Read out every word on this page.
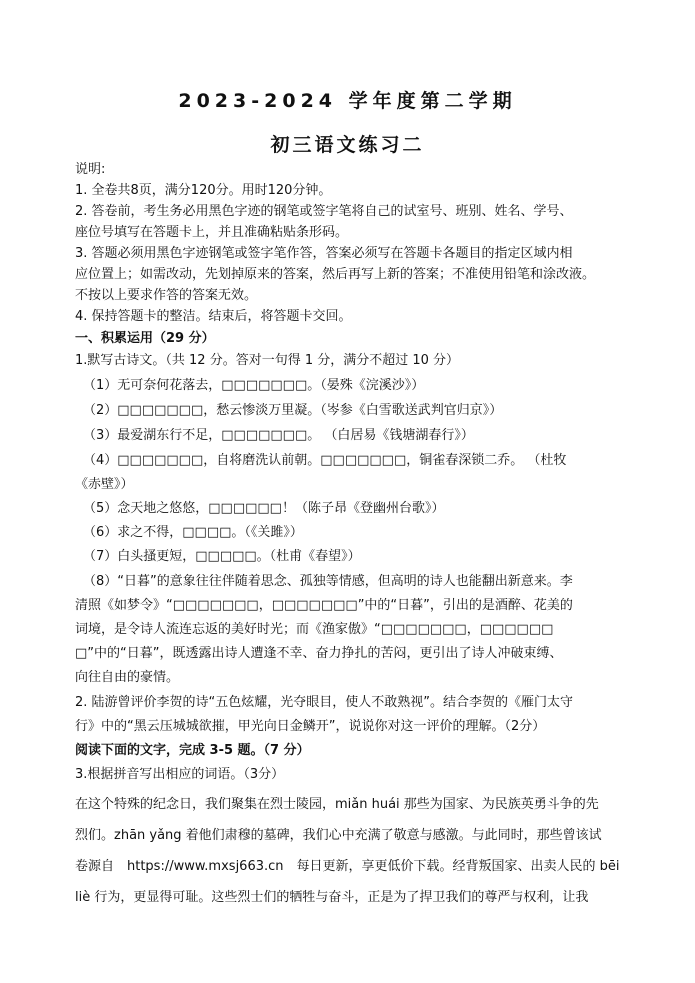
2023-2024 学年度第二学期
初三语文练习二
说明:
1. 全卷共8页，满分120分。用时120分钟。
2. 答卷前，考生务必用黑色字迹的钢笔或签字笔将自己的试室号、班别、姓名、学号、
座位号填写在答题卡上，并且准确粘贴条形码。
3. 答题必须用黑色字迹钢笔或签字笔作答，答案必须写在答题卡各题目的指定区域内相
应位置上；如需改动，先划掉原来的答案，然后再写上新的答案；不准使用铅笔和涂改液。
不按以上要求作答的答案无效。
4. 保持答题卡的整洁。结束后，将答题卡交回。
一、积累运用（29 分）
1.默写古诗文。（共 12 分。答对一句得 1 分，满分不超过 10 分）
（1）无可奈何花落去，□□□□□□□。（晏殊《浣溪沙》）
（2）□□□□□□□，愁云惨淡万里凝。（岑参《白雪歌送武判官归京》）
（3）最爱湖东行不足，□□□□□□□。 （白居易《钱塘湖春行》）
（4）□□□□□□□，自将磨洗认前朝。□□□□□□□，铜雀春深锁二乔。 （杜牧
《赤壁》）
（5）念天地之悠悠，□□□□□□！（陈子昂《登幽州台歌》）
（6）求之不得，□□□□。（《关雎》）
（7）白头搔更短，□□□□□。（杜甫《春望》）
（8）“日暮”的意象往往伴随着思念、孤独等情感，但高明的诗人也能翻出新意来。李
清照《如梦令》“□□□□□□□，□□□□□□□”中的“日暮”，引出的是酒醉、花美的
词境，是令诗人流连忘返的美好时光；而《渔家傲》“□□□□□□□，□□□□□□
□”中的“日暮”，既透露出诗人遭逢不幸、奋力挣扎的苦闷，更引出了诗人冲破束缚、
向往自由的豪情。
2. 陆游曾评价李贺的诗“五色炫耀，光夺眼目，使人不敢熟视”。结合李贺的《雁门太守
行》中的“黑云压城城欲摧，甲光向日金鳞开”，说说你对这一评价的理解。（2分）
阅读下面的文字，完成 3-5 题。（7 分）
3.根据拼音写出相应的词语。（3分）
在这个特殊的纪念日，我们聚集在烈士陵园，miǎn huái 那些为国家、为民族英勇斗争的先
烈们。zhān yǎng 着他们肃穆的墓碑，我们心中充满了敬意与感激。与此同时，那些曾该试
卷源自　https://www.mxsj663.cn　每日更新，享更低价下载。经背叛国家、出卖人民的 bēi
liè 行为，更显得可耻。这些烈士们的牺牲与奋斗，正是为了捍卫我们的尊严与权利，让我
